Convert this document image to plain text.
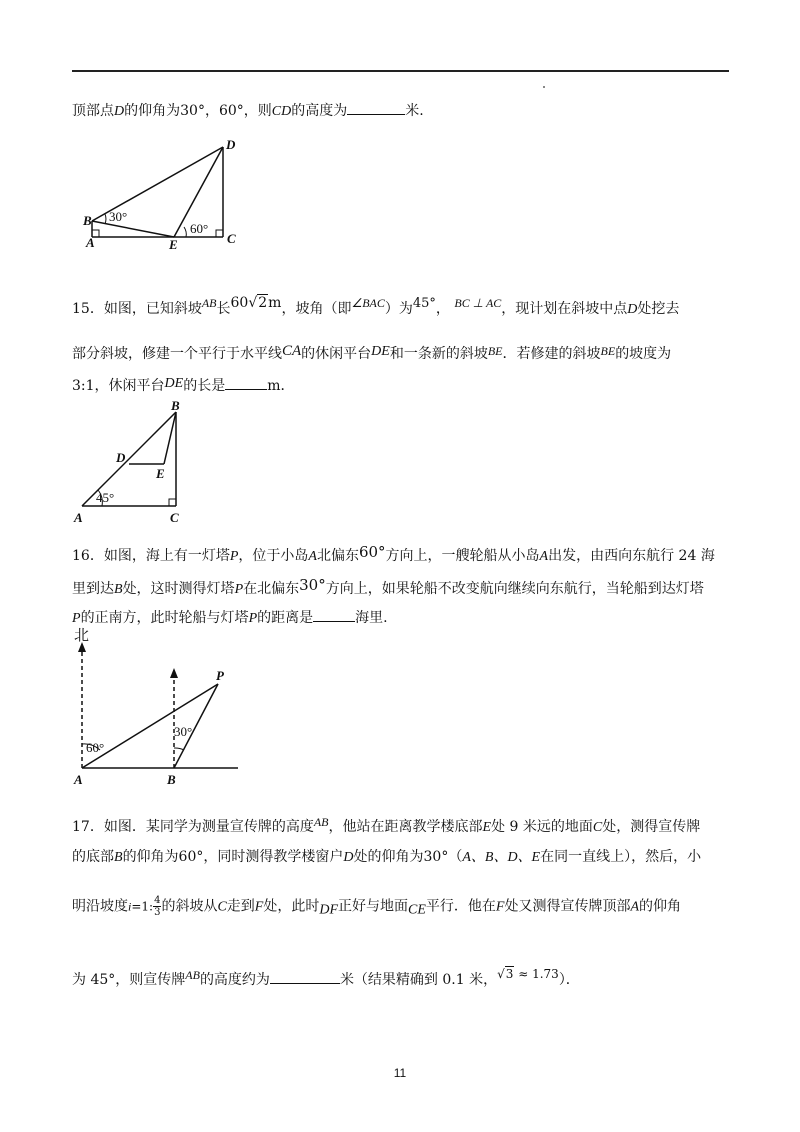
顶部点D的仰角为30°，60°，则CD的高度为	米.
D
B
A	E	C
30°
60°
15．如图，已知斜坡AB长60√2m，坡角（即∠BAC）为45°， BC ⊥ AC，现计划在斜坡中点D处挖去
部分斜坡，修建一个平行于水平线CA的休闲平台DE和一条新的斜坡BE．若修建的斜坡BE的坡度为
3:1，休闲平台DE的长是	m．
B
D
E
A	C
45°
16．如图，海上有一灯塔P，位于小岛A北偏东60°方向上，一艘轮船从小岛A出发，由西向东航行 24 海
里到达B处，这时测得灯塔P在北偏东30°方向上，如果轮船不改变航向继续向东航行，当轮船到达灯塔
P的正南方，此时轮船与灯塔P的距离是	海里.
北
P
A	B
60°
30°
17．如图．某同学为测量宣传牌的高度AB，他站在距离教学楼底部E处 9 米远的地面C处，测得宣传牌
的底部B的仰角为60°，同时测得教学楼窗户D处的仰角为30°（A、B、D、E在同一直线上），然后，小
明沿坡度i=1: $\frac{4}{3}$ 的斜坡从C走到F处，此时DF正好与地面CE平行．他在F处又测得宣传牌顶部A的仰角
为 45°，则宣传牌AB的高度约为	米（结果精确到 0.1 米，√3 ≈ 1.73）．
11
